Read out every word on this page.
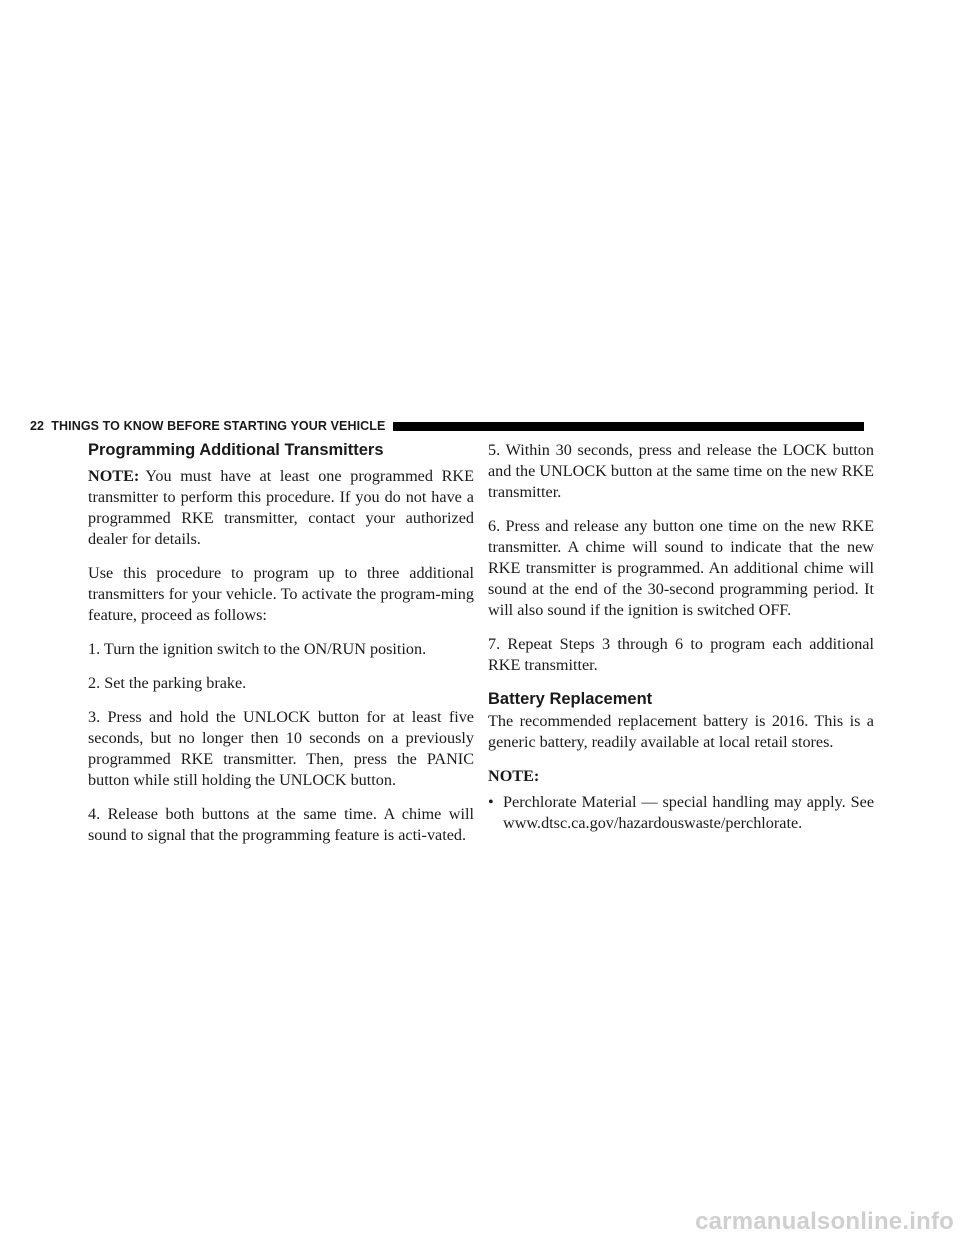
22 THINGS TO KNOW BEFORE STARTING YOUR VEHICLE
Programming Additional Transmitters

NOTE: You must have at least one programmed RKE transmitter to perform this procedure. If you do not have a programmed RKE transmitter, contact your authorized dealer for details.

Use this procedure to program up to three additional transmitters for your vehicle. To activate the program-ming feature, proceed as follows:

1. Turn the ignition switch to the ON/RUN position.

2. Set the parking brake.

3. Press and hold the UNLOCK button for at least five seconds, but no longer then 10 seconds on a previously programmed RKE transmitter. Then, press the PANIC button while still holding the UNLOCK button.

4. Release both buttons at the same time. A chime will sound to signal that the programming feature is acti-vated.

5. Within 30 seconds, press and release the LOCK button and the UNLOCK button at the same time on the new RKE transmitter.

6. Press and release any button one time on the new RKE transmitter. A chime will sound to indicate that the new RKE transmitter is programmed. An additional chime will sound at the end of the 30-second programming period. It will also sound if the ignition is switched OFF.

7. Repeat Steps 3 through 6 to program each additional RKE transmitter.

Battery Replacement

The recommended replacement battery is 2016. This is a generic battery, readily available at local retail stores.

NOTE:

• Perchlorate Material — special handling may apply. See www.dtsc.ca.gov/hazardouswaste/perchlorate.
carmanualsonline.info
